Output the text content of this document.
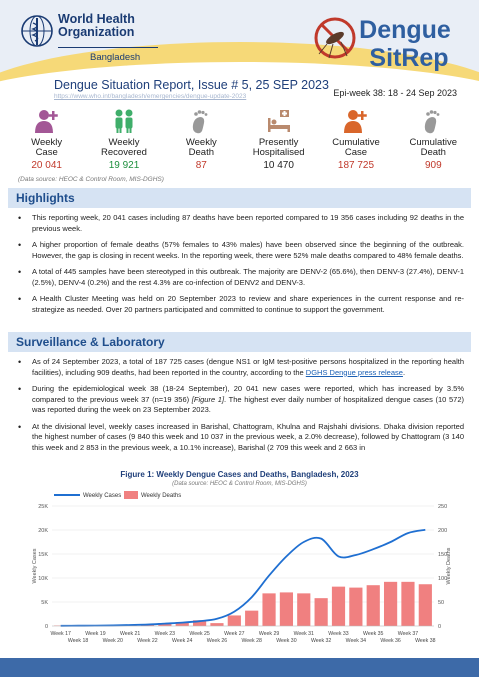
World Health
Organization
Bangladesh
Dengue
SitRep
Dengue Situation Report, Issue # 5, 25 SEP 2023
https://www.who.int/bangladesh/emergencies/dengue-update-2023	Epi-week 38: 18 - 24 Sep 2023
Weekly
Case
20 041
Weekly
Recovered
19 921
Weekly
Death
87
Presently
Hospitalised
10 470
Cumulative
Case
187 725
Cumulative
Death
909
(Data source: HEOC & Control Room, MIS-DGHS)
Highlights
• This reporting week, 20 041 cases including 87 deaths have been reported compared to 19 356 cases including 92 deaths in the previous week.
• A higher proportion of female deaths (57% females to 43% males) have been observed since the beginning of the outbreak. However, the gap is closing in recent weeks. In the reporting week, there were 52% male deaths compared to 48% female deaths.
• A total of 445 samples have been stereotyped in this outbreak. The majority are DENV-2 (65.6%), then DENV-3 (27.4%), DENV-1 (2.5%), DENV-4 (0.2%) and the rest 4.3% are co-infection of DENV2 and DENV-3.
• A Health Cluster Meeting was held on 20 September 2023 to review and share experiences in the current response and re-strategize as needed. Over 20 partners participated and committed to continue to support the government.
Surveillance & Laboratory
• As of 24 September 2023, a total of 187 725 cases (dengue NS1 or IgM test-positive persons hospitalized in the reporting health facilities), including 909 deaths, had been reported in the country, according to the DGHS Dengue press release.
• During the epidemiological week 38 (18-24 September), 20 041 new cases were reported, which has increased by 3.5% compared to the previous week 37 (n=19 356) [Figure 1]. The highest ever daily number of hospitalized dengue cases (10 572) was reported during the week on 23 September 2023.
• At the divisional level, weekly cases increased in Barishal, Chattogram, Khulna and Rajshahi divisions. Dhaka division reported the highest number of cases (9 840 this week and 10 037 in the previous week, a 2.0% decrease), followed by Chattogram (3 140 this week and 2 853 in the previous week, a 10.1% increase), Barishal (2 709 this week and 2 663 in
Figure 1: Weekly Dengue Cases and Deaths, Bangladesh, 2023
(Data source: HEOC & Control Room, MIS-DGHS)
0
5K
10K
15K
20K
25K
0
50
100
150
200
250
Weekly Cases	Weekly Deaths
Week 17
Week 18
Week 19
Week 20
Week 21
Week 22
Week 23
Week 24
Week 25
Week 26
Week 27
Week 28
Week 29
Week 30
Week 31
Week 32
Week 33
Week 34
Week 35
Week 36
Week 37
Week 38
Weekly Cases	Weekly Deaths
